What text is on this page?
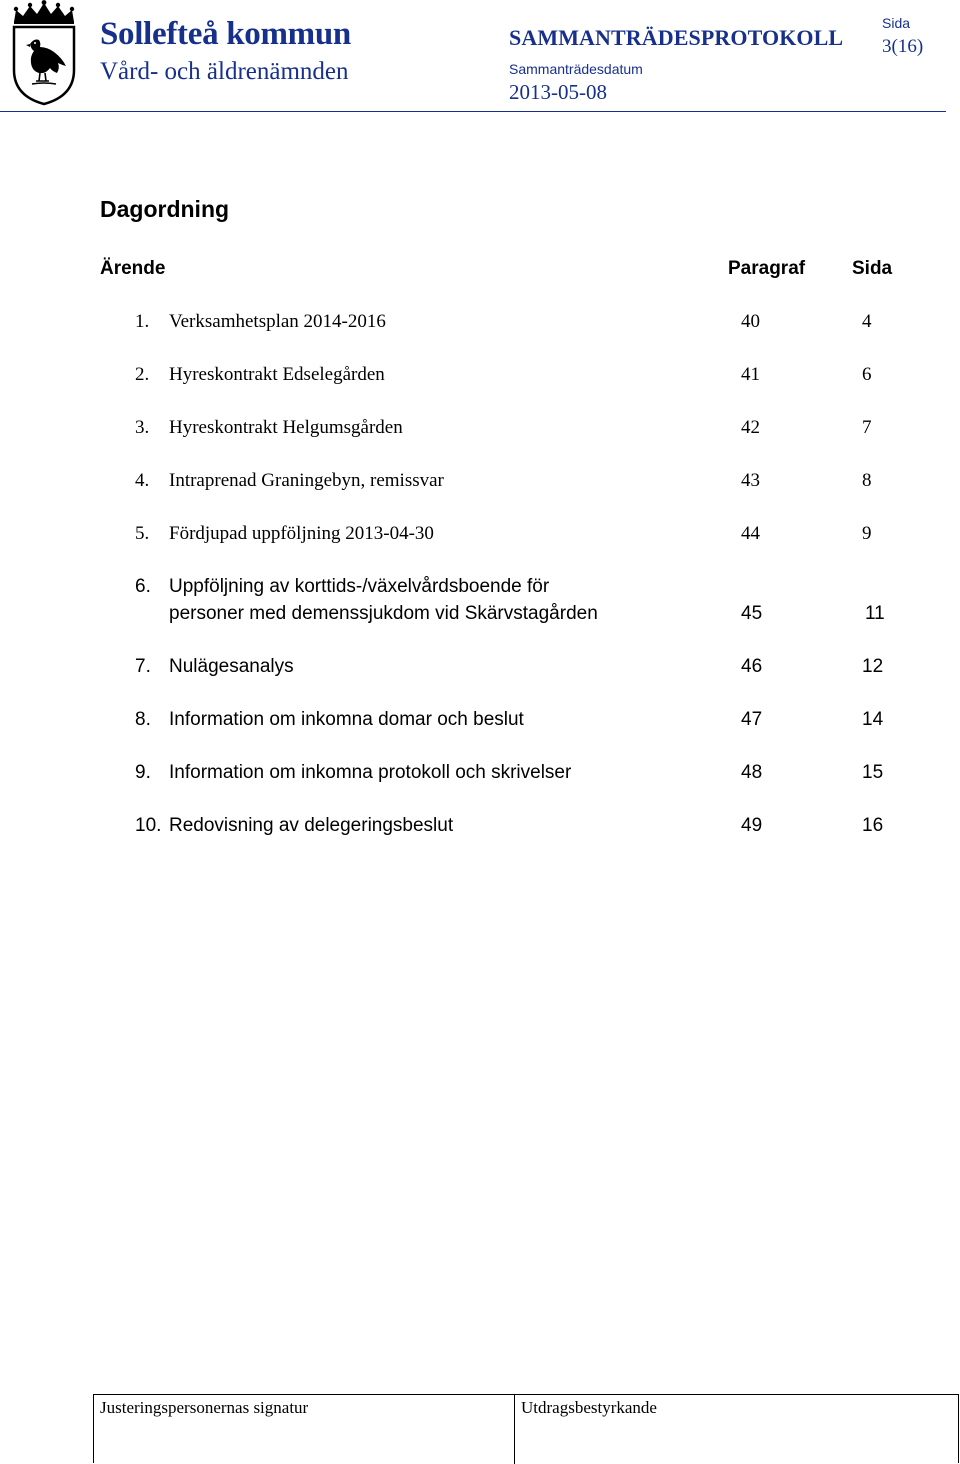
Sollefteå kommun
Vård- och äldrenämnden
SAMMANTRÄDESPROTOKOLL
Sammanträdesdatum
2013-05-08
Sida
3(16)
Dagordning
Ärende	Paragraf Sida
1. Verksamhetsplan 2014-2016	40	4
2. Hyreskontrakt Edselegården	41	6
3. Hyreskontrakt Helgumsgården	42	7
4. Intraprenad Graningebyn, remissvar	43	8
5. Fördjupad uppföljning 2013-04-30	44	9
6. Uppföljning av korttids-/växelvårdsboende för
personer med demenssjukdom vid Skärvstagården	45	11
7. Nulägesanalys	46	12
8. Information om inkomna domar och beslut	47	14
9. Information om inkomna protokoll och skrivelser	48	15
10. Redovisning av delegeringsbeslut	49	16
Justeringspersonernas signatur	Utdragsbestyrkande
